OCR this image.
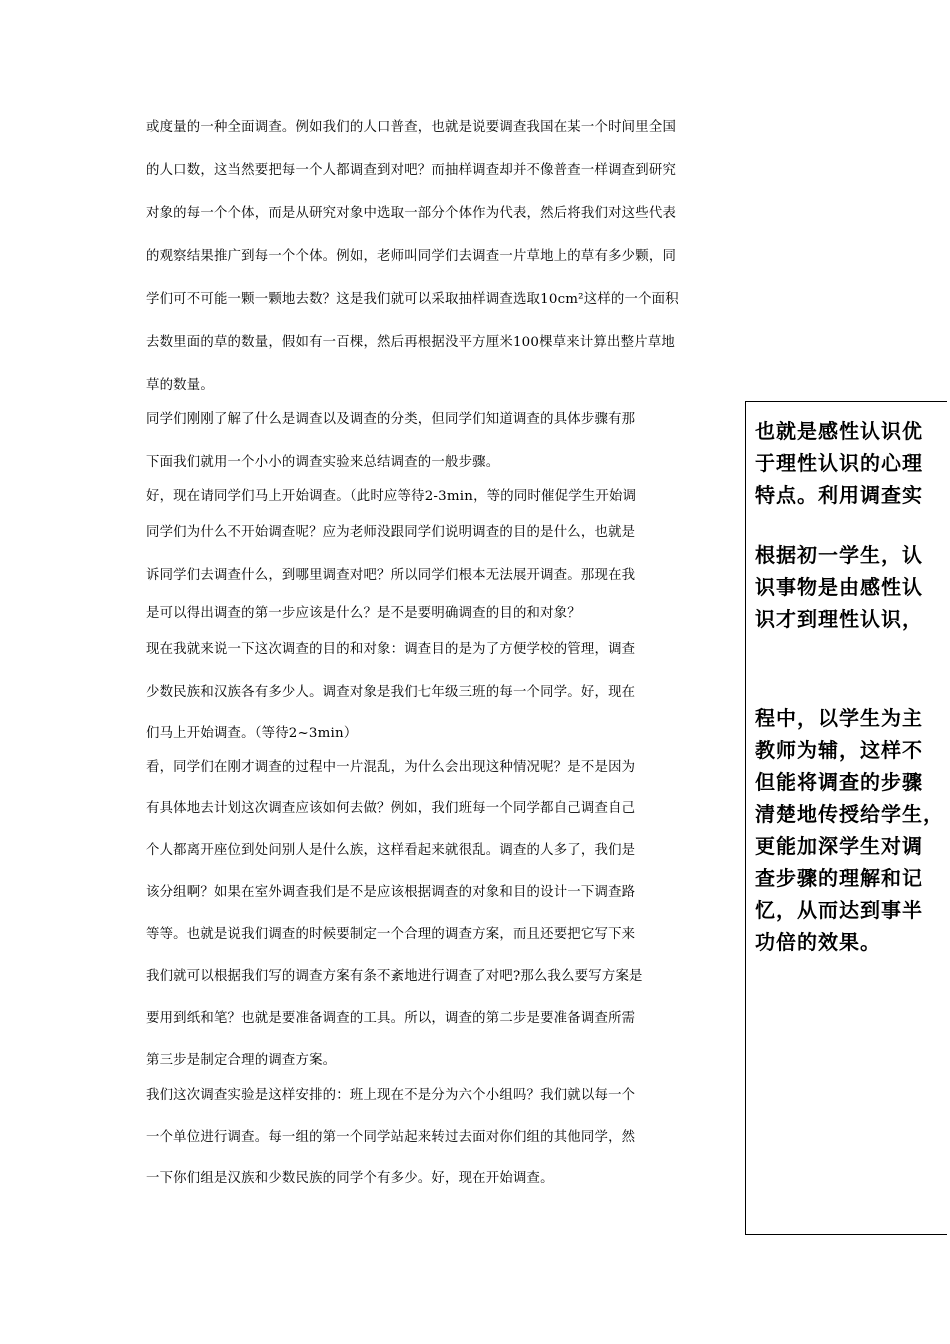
或度量的一种全面调查。例如我们的人口普查，也就是说要调查我国在某一个时间里全国
的人口数，这当然要把每一个人都调查到对吧？而抽样调查却并不像普查一样调查到研究
对象的每一个个体，而是从研究对象中选取一部分个体作为代表，然后将我们对这些代表
的观察结果推广到每一个个体。例如，老师叫同学们去调查一片草地上的草有多少颗，同
学们可不可能一颗一颗地去数？这是我们就可以采取抽样调查选取10cm²这样的一个面积
去数里面的草的数量，假如有一百棵，然后再根据没平方厘米100棵草来计算出整片草地
草的数量。
同学们刚刚了解了什么是调查以及调查的分类，但同学们知道调查的具体步骤有那
下面我们就用一个小小的调查实验来总结调查的一般步骤。
好，现在请同学们马上开始调查。（此时应等待2-3min，等的同时催促学生开始调
同学们为什么不开始调查呢？应为老师没跟同学们说明调查的目的是什么，也就是
诉同学们去调查什么，到哪里调查对吧？所以同学们根本无法展开调查。那现在我
是可以得出调查的第一步应该是什么？是不是要明确调查的目的和对象？
现在我就来说一下这次调查的目的和对象：调查目的是为了方便学校的管理，调查
少数民族和汉族各有多少人。调查对象是我们七年级三班的每一个同学。好，现在
们马上开始调查。（等待2~3min）
看，同学们在刚才调查的过程中一片混乱，为什么会出现这种情况呢？是不是因为
有具体地去计划这次调查应该如何去做？例如，我们班每一个同学都自己调查自己
个人都离开座位到处问别人是什么族，这样看起来就很乱。调查的人多了，我们是
该分组啊？如果在室外调查我们是不是应该根据调查的对象和目的设计一下调查路
等等。也就是说我们调查的时候要制定一个合理的调查方案，而且还要把它写下来
我们就可以根据我们写的调查方案有条不紊地进行调查了对吧?那么我么要写方案是
要用到纸和笔？也就是要准备调查的工具。所以，调查的第二步是要准备调查所需
第三步是制定合理的调查方案。
我们这次调查实验是这样安排的：班上现在不是分为六个小组吗？我们就以每一个
一个单位进行调查。每一组的第一个同学站起来转过去面对你们组的其他同学，然
一下你们组是汉族和少数民族的同学个有多少。好，现在开始调查。
也就是感性认识优
于理性认识的心理
特点。利用调查实
根据初一学生，认
识事物是由感性认
识才到理性认识，
程中，以学生为主
教师为辅，这样不
但能将调查的步骤
清楚地传授给学生，
更能加深学生对调
查步骤的理解和记
忆，从而达到事半
功倍的效果。
